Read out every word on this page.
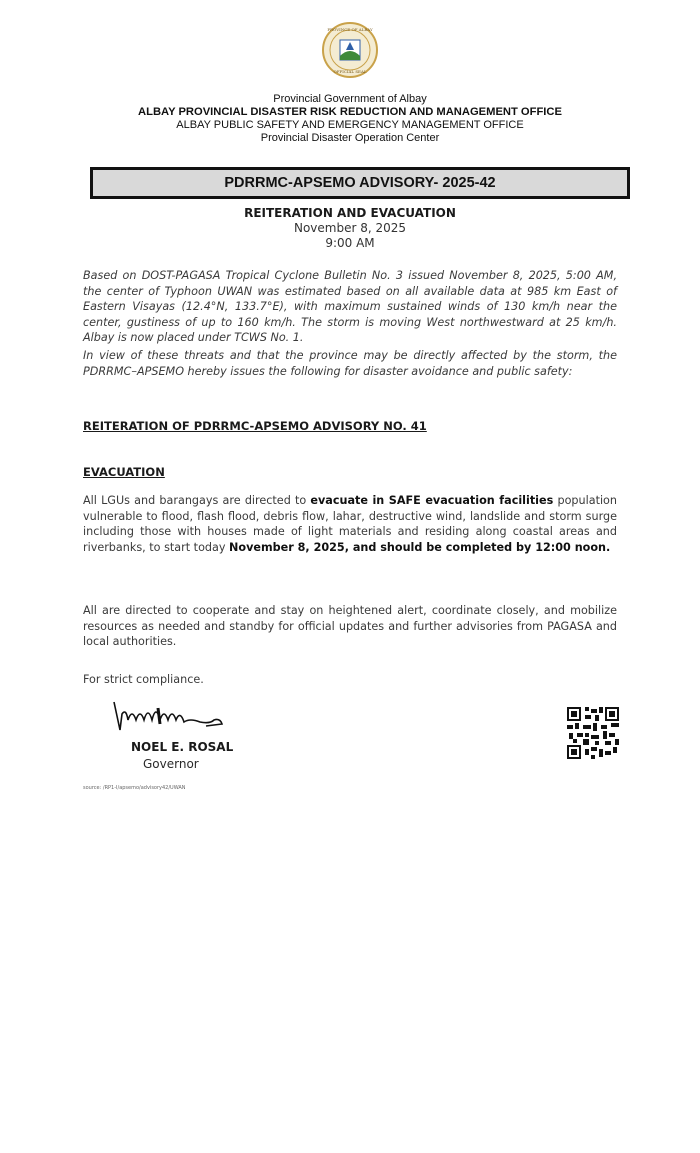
PROVINCE OF ALBAY
OFFICIAL SEAL
Provincial Government of Albay
ALBAY PROVINCIAL DISASTER RISK REDUCTION AND MANAGEMENT OFFICE
ALBAY PUBLIC SAFETY AND EMERGENCY MANAGEMENT OFFICE
Provincial Disaster Operation Center
PDRRMC-APSEMO ADVISORY- 2025-42
REITERATION AND EVACUATION
November 8, 2025
9:00 AM
Based on DOST-PAGASA Tropical Cyclone Bulletin No. 3 issued November 8, 2025, 5:00 AM, the center of Typhoon UWAN was estimated based on all available data at 985 km East of Eastern Visayas (12.4°N, 133.7°E), with maximum sustained winds of 130 km/h near the center, gustiness of up to 160 km/h. The storm is moving West northwestward at 25 km/h. Albay is now placed under TCWS No. 1.
In view of these threats and that the province may be directly affected by the storm, the PDRRMC–APSEMO hereby issues the following for disaster avoidance and public safety:
REITERATION OF PDRRMC-APSEMO ADVISORY NO. 41
EVACUATION
All LGUs and barangays are directed to evacuate in SAFE evacuation facilities population vulnerable to flood, flash flood, debris flow, lahar, destructive wind, landslide and storm surge including those with houses made of light materials and residing along coastal areas and riverbanks, to start today November 8, 2025, and should be completed by 12:00 noon.
All are directed to cooperate and stay on heightened alert, coordinate closely, and mobilize resources as needed and standby for official updates and further advisories from PAGASA and local authorities.
For strict compliance.
NOEL E. ROSAL
Governor
source: /RP1-I/apsemo/advisory42/UWAN
